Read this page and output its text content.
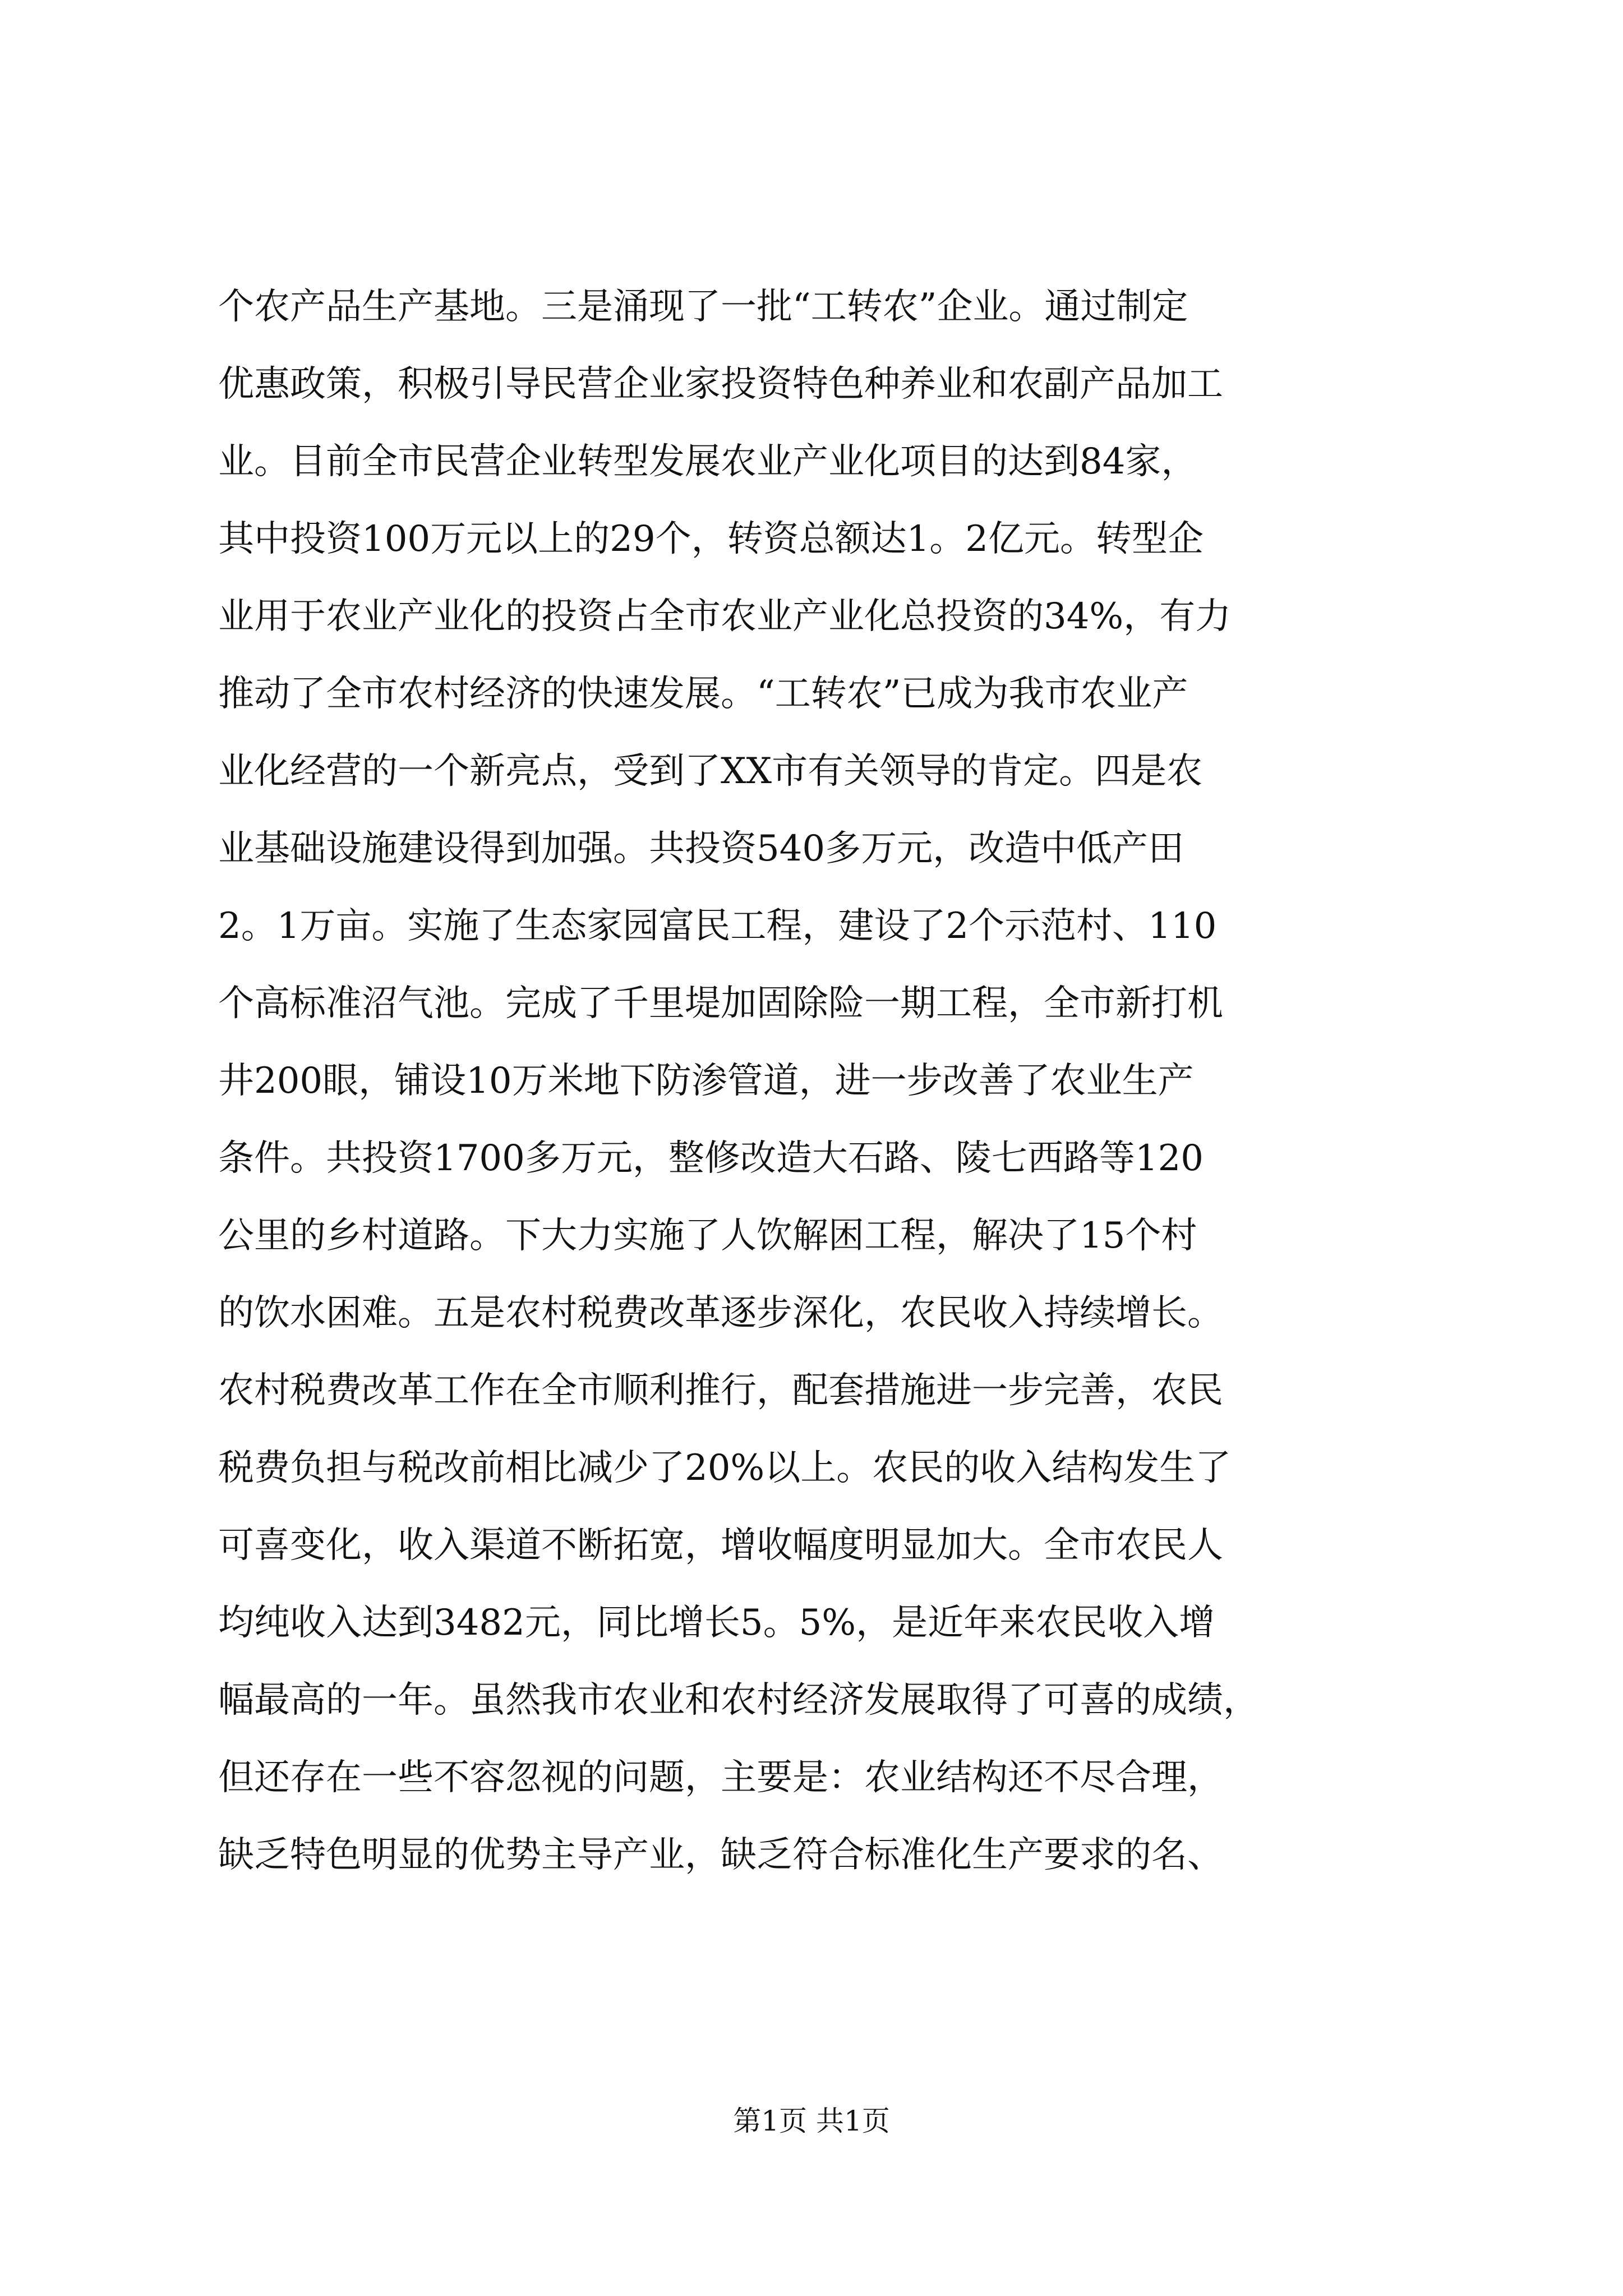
个农产品生产基地。三是涌现了一批“工转农”企业。通过制定
优惠政策，积极引导民营企业家投资特色种养业和农副产品加工
业。目前全市民营企业转型发展农业产业化项目的达到84家，
其中投资100万元以上的29个，转资总额达1。2亿元。转型企
业用于农业产业化的投资占全市农业产业化总投资的34%，有力
推动了全市农村经济的快速发展。“工转农”已成为我市农业产
业化经营的一个新亮点，受到了XX市有关领导的肯定。四是农
业基础设施建设得到加强。共投资540多万元，改造中低产田
2。1万亩。实施了生态家园富民工程，建设了2个示范村、110
个高标准沼气池。完成了千里堤加固除险一期工程，全市新打机
井200眼，铺设10万米地下防渗管道，进一步改善了农业生产
条件。共投资1700多万元，整修改造大石路、陵七西路等120
公里的乡村道路。下大力实施了人饮解困工程，解决了15个村
的饮水困难。五是农村税费改革逐步深化，农民收入持续增长。
农村税费改革工作在全市顺利推行，配套措施进一步完善，农民
税费负担与税改前相比减少了20%以上。农民的收入结构发生了
可喜变化，收入渠道不断拓宽，增收幅度明显加大。全市农民人
均纯收入达到3482元，同比增长5。5%，是近年来农民收入增
幅最高的一年。虽然我市农业和农村经济发展取得了可喜的成绩，
但还存在一些不容忽视的问题，主要是：农业结构还不尽合理，
缺乏特色明显的优势主导产业，缺乏符合标准化生产要求的名、
第1页 共1页
